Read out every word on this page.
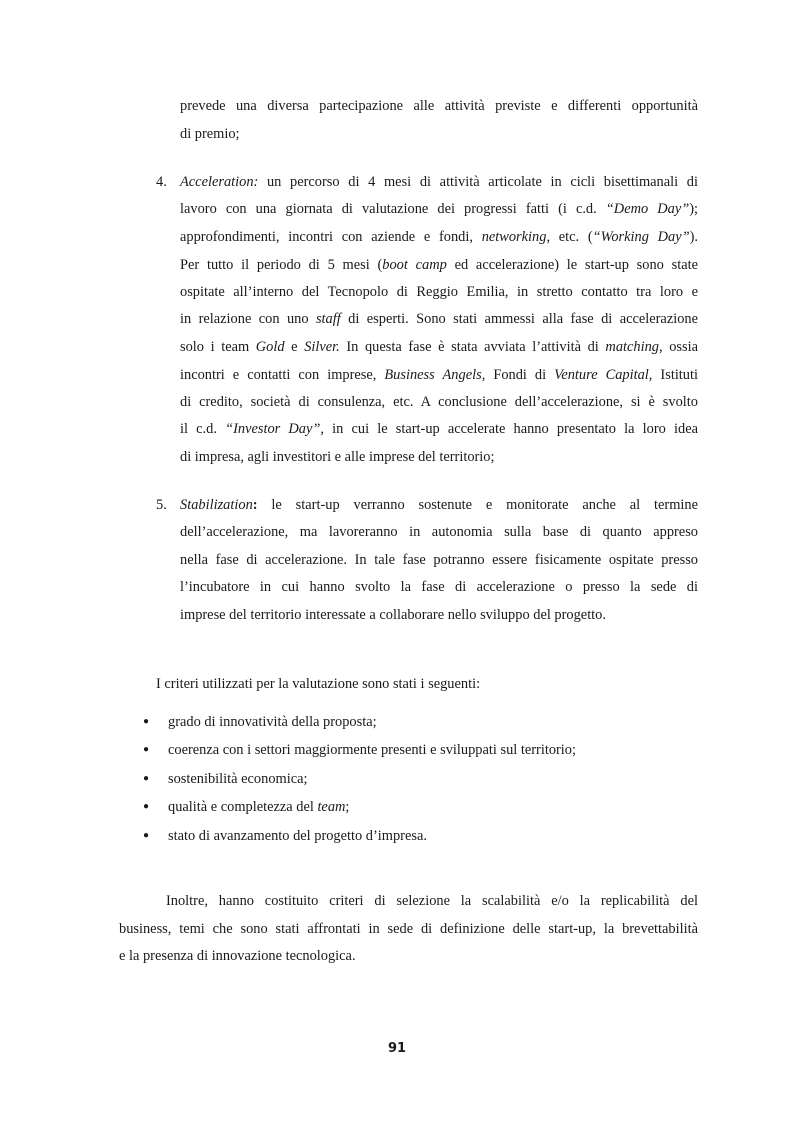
prevede una diversa partecipazione alle attività previste e differenti opportunità
di premio;
4. Acceleration: un percorso di 4 mesi di attività articolate in cicli bisettimanali di
lavoro con una giornata di valutazione dei progressi fatti (i c.d. “Demo Day”);
approfondimenti, incontri con aziende e fondi, networking, etc. (“Working Day”).
Per tutto il periodo di 5 mesi (boot camp ed accelerazione) le start-up sono state
ospitate all’interno del Tecnopolo di Reggio Emilia, in stretto contatto tra loro e
in relazione con uno staff di esperti. Sono stati ammessi alla fase di accelerazione
solo i team Gold e Silver. In questa fase è stata avviata l’attività di matching, ossia
incontri e contatti con imprese, Business Angels, Fondi di Venture Capital, Istituti
di credito, società di consulenza, etc. A conclusione dell’accelerazione, si è svolto
il c.d. “Investor Day”, in cui le start-up accelerate hanno presentato la loro idea
di impresa, agli investitori e alle imprese del territorio;
5. Stabilization: le start-up verranno sostenute e monitorate anche al termine
dell’accelerazione, ma lavoreranno in autonomia sulla base di quanto appreso
nella fase di accelerazione. In tale fase potranno essere fisicamente ospitate presso
l’incubatore in cui hanno svolto la fase di accelerazione o presso la sede di
imprese del territorio interessate a collaborare nello sviluppo del progetto.
I criteri utilizzati per la valutazione sono stati i seguenti:
● grado di innovatività della proposta;
● coerenza con i settori maggiormente presenti e sviluppati sul territorio;
● sostenibilità economica;
● qualità e completezza del team;
● stato di avanzamento del progetto d’impresa.
Inoltre, hanno costituito criteri di selezione la scalabilità e/o la replicabilità del
business, temi che sono stati affrontati in sede di definizione delle start-up, la brevettabilità
e la presenza di innovazione tecnologica.
91
